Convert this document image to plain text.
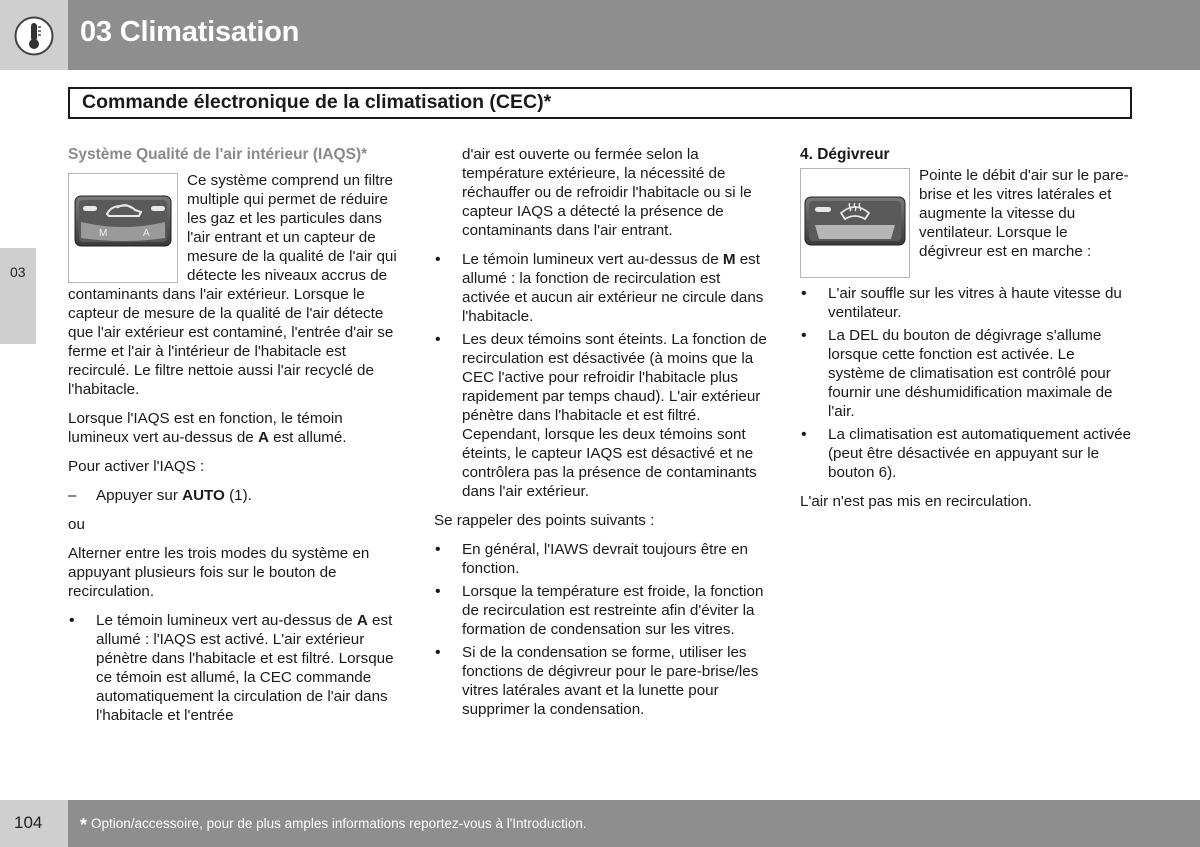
03 Climatisation
Commande électronique de la climatisation (CEC)*
03
Système Qualité de l'air intérieur (IAQS)*
M	A

Ce système comprend un filtre multiple qui permet de réduire les gaz et les particules dans l'air entrant et un capteur de mesure de la qualité de l'air qui détecte les niveaux accrus de contaminants dans l'air extérieur. Lorsque le capteur de mesure de la qualité de l'air détecte que l'air extérieur est contaminé, l'entrée d'air se ferme et l'air à l'intérieur de l'habitacle est recirculé. Le filtre nettoie aussi l'air recyclé de l'habitacle.

Lorsque l'IAQS est en fonction, le témoin lumineux vert au-dessus de A est allumé.

Pour activer l'IAQS :

– Appuyer sur AUTO (1).

ou

Alterner entre les trois modes du système en appuyant plusieurs fois sur le bouton de recirculation.

• Le témoin lumineux vert au-dessus de A est allumé : l'IAQS est activé. L'air extérieur pénètre dans l'habitacle et est filtré. Lorsque ce témoin est allumé, la CEC commande automatiquement la circulation de l'air dans l'habitacle et l'entrée

d'air est ouverte ou fermée selon la température extérieure, la nécessité de réchauffer ou de refroidir l'habitacle ou si le capteur IAQS a détecté la présence de contaminants dans l'air entrant.

• Le témoin lumineux vert au-dessus de M est allumé : la fonction de recirculation est activée et aucun air extérieur ne circule dans l'habitacle.
• Les deux témoins sont éteints. La fonction de recirculation est désactivée (à moins que la CEC l'active pour refroidir l'habitacle plus rapidement par temps chaud). L'air extérieur pénètre dans l'habitacle et est filtré. Cependant, lorsque les deux témoins sont éteints, le capteur IAQS est désactivé et ne contrôlera pas la présence de contaminants dans l'air extérieur.

Se rappeler des points suivants :

• En général, l'IAWS devrait toujours être en fonction.
• Lorsque la température est froide, la fonction de recirculation est restreinte afin d'éviter la formation de condensation sur les vitres.
• Si de la condensation se forme, utiliser les fonctions de dégivreur pour le pare-brise/les vitres latérales avant et la lunette pour supprimer la condensation.
4. Dégivreur

Pointe le débit d'air sur le pare-brise et les vitres latérales et augmente la vitesse du ventilateur. Lorsque le dégivreur est en marche :

• L'air souffle sur les vitres à haute vitesse du ventilateur.
• La DEL du bouton de dégivrage s'allume lorsque cette fonction est activée. Le système de climatisation est contrôlé pour fournir une déshumidification maximale de l'air.
• La climatisation est automatiquement activée (peut être désactivée en appuyant sur le bouton 6).

L'air n'est pas mis en recirculation.

104 * Option/accessoire, pour de plus amples informations reportez-vous à l'Introduction.
